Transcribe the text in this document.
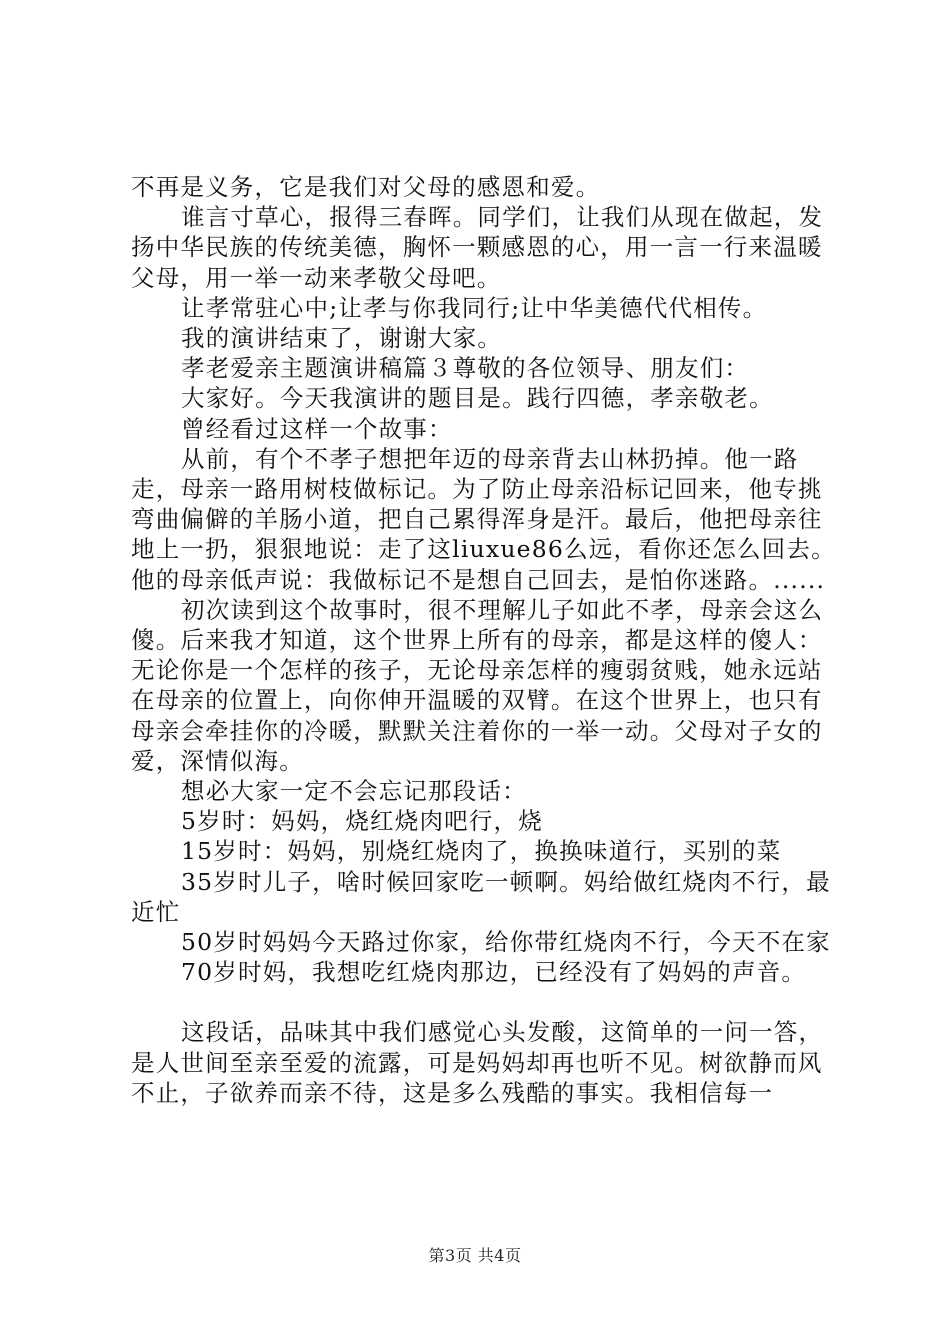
不再是义务，它是我们对父母的感恩和爱。

谁言寸草心，报得三春晖。同学们，让我们从现在做起，发扬中华民族的传统美德，胸怀一颗感恩的心，用一言一行来温暖父母，用一举一动来孝敬父母吧。

让孝常驻心中;让孝与你我同行;让中华美德代代相传。

我的演讲结束了，谢谢大家。

孝老爱亲主题演讲稿篇３尊敬的各位领导、朋友们：

大家好。今天我演讲的题目是。践行四德，孝亲敬老。

曾经看过这样一个故事：

从前，有个不孝子想把年迈的母亲背去山林扔掉。他一路走，母亲一路用树枝做标记。为了防止母亲沿标记回来，他专挑弯曲偏僻的羊肠小道，把自己累得浑身是汗。最后，他把母亲往地上一扔，狠狠地说：走了这liuxue86么远，看你还怎么回去。他的母亲低声说：我做标记不是想自己回去，是怕你迷路。......

初次读到这个故事时，很不理解儿子如此不孝，母亲会这么傻。后来我才知道，这个世界上所有的母亲，都是这样的傻人：无论你是一个怎样的孩子，无论母亲怎样的瘦弱贫贱，她永远站在母亲的位置上，向你伸开温暖的双臂。在这个世界上，也只有母亲会牵挂你的冷暖，默默关注着你的一举一动。父母对子女的爱，深情似海。

想必大家一定不会忘记那段话：

5岁时：妈妈，烧红烧肉吧行，烧

15岁时：妈妈，别烧红烧肉了，换换味道行，买别的菜

35岁时儿子，啥时候回家吃一顿啊。妈给做红烧肉不行，最近忙

50岁时妈妈今天路过你家，给你带红烧肉不行，今天不在家

70岁时妈，我想吃红烧肉那边，已经没有了妈妈的声音。

这段话，品味其中我们感觉心头发酸，这简单的一问一答，是人世间至亲至爱的流露，可是妈妈却再也听不见。树欲静而风不止，子欲养而亲不待，这是多么残酷的事实。我相信每一

第3页 共4页
